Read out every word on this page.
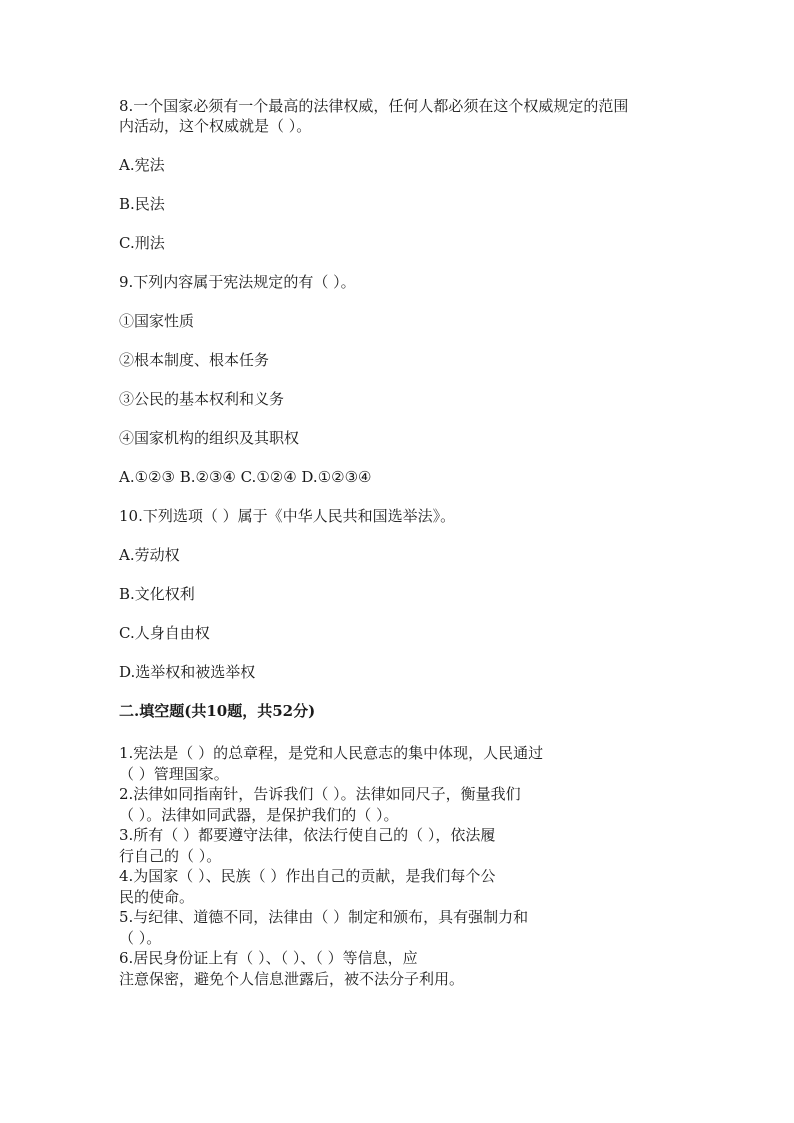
8.一个国家必须有一个最高的法律权威，任何人都必须在这个权威规定的范围

内活动，这个权威就是（ ）。

A.宪法

B.民法

C.刑法

9.下列内容属于宪法规定的有（ ）。

①国家性质

②根本制度、根本任务

③公民的基本权利和义务

④国家机构的组织及其职权

A.①②③ B.②③④ C.①②④ D.①②③④

10.下列选项（ ）属于《中华人民共和国选举法》。

A.劳动权

B.文化权利

C.人身自由权

D.选举权和被选举权

二.填空题(共10题，共52分)

1.宪法是（ ）的总章程，是党和人民意志的集中体现，人民通过

（ ）管理国家。

2.法律如同指南针，告诉我们（ ）。法律如同尺子，衡量我们

（ ）。法律如同武器，是保护我们的（ ）。

3.所有（ ）都要遵守法律，依法行使自己的（ ），依法履

行自己的（ ）。

4.为国家（ ）、民族（ ）作出自己的贡献，是我们每个公

民的使命。

5.与纪律、道德不同，法律由（ ）制定和颁布，具有强制力和

（ ）。

6.居民身份证上有（ ）、（ ）、（ ）等信息，应

注意保密，避免个人信息泄露后，被不法分子利用。
